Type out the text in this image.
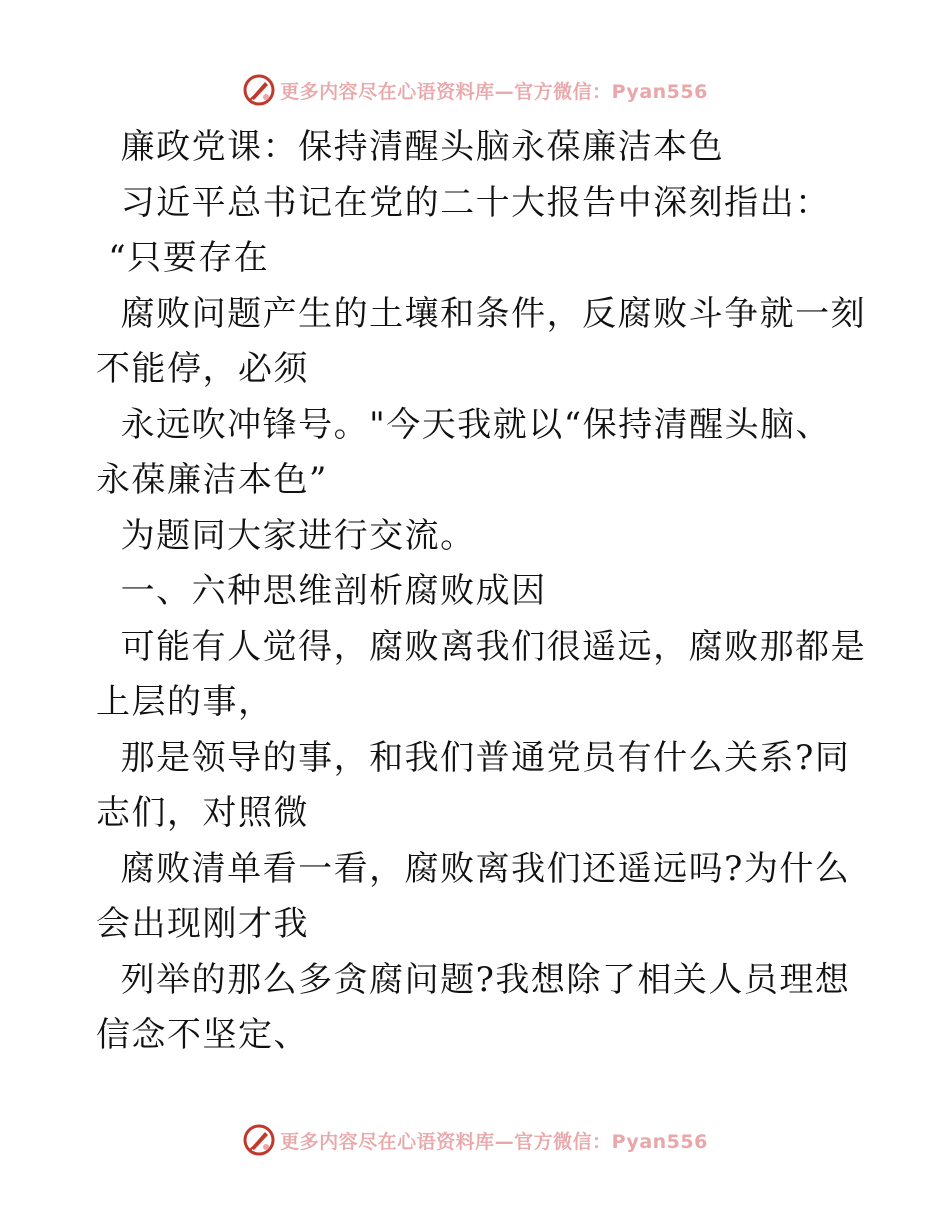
更多内容尽在心语资料库—官方微信：Pyan556

廉政党课：保持清醒头脑永葆廉洁本色

习近平总书记在党的二十大报告中深刻指出：

“只要存在

腐败问题产生的土壤和条件，反腐败斗争就一刻

不能停，必须

永远吹冲锋号。"今天我就以“保持清醒头脑、

永葆廉洁本色”

为题同大家进行交流。

一、六种思维剖析腐败成因

可能有人觉得，腐败离我们很遥远，腐败那都是

上层的事，

那是领导的事，和我们普通党员有什么关系?同

志们，对照微

腐败清单看一看，腐败离我们还遥远吗?为什么

会出现刚才我

列举的那么多贪腐问题?我想除了相关人员理想

信念不坚定、

更多内容尽在心语资料库—官方微信：Pyan556
